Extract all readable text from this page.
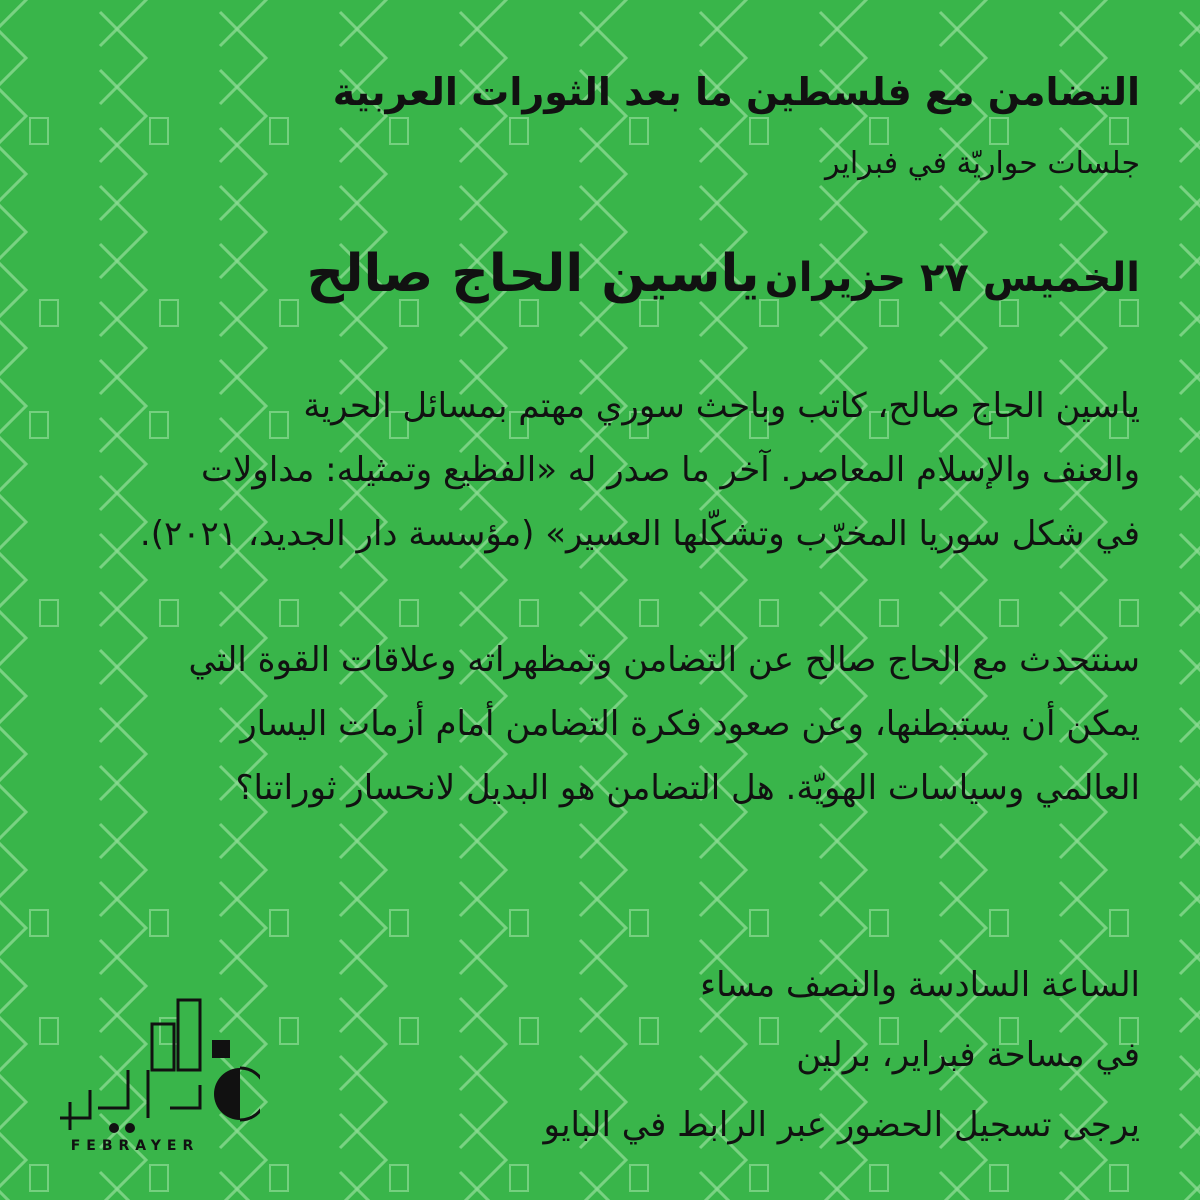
التضامن مع فلسطين ما بعد الثورات العربية
جلسات حواريّة في فبراير
الخميس ٢٧ حزيران ياسين الحاج صالح
ياسين الحاج صالح، كاتب وباحث سوري مهتم بمسائل الحرية
والعنف والإسلام المعاصر. آخر ما صدر له «الفظيع وتمثيله: مداولات
في شكل سوريا المخرّب وتشكّلها العسير» (مؤسسة دار الجديد، ٢٠٢١).
سنتحدث مع الحاج صالح عن التضامن وتمظهراته وعلاقات القوة التي
يمكن أن يستبطنها، وعن صعود فكرة التضامن أمام أزمات اليسار
العالمي وسياسات الهويّة. هل التضامن هو البديل لانحسار ثوراتنا؟
الساعة السادسة والنصف مساء
في مساحة فبراير، برلين
يرجى تسجيل الحضور عبر الرابط في البايو
FEBRAYER
